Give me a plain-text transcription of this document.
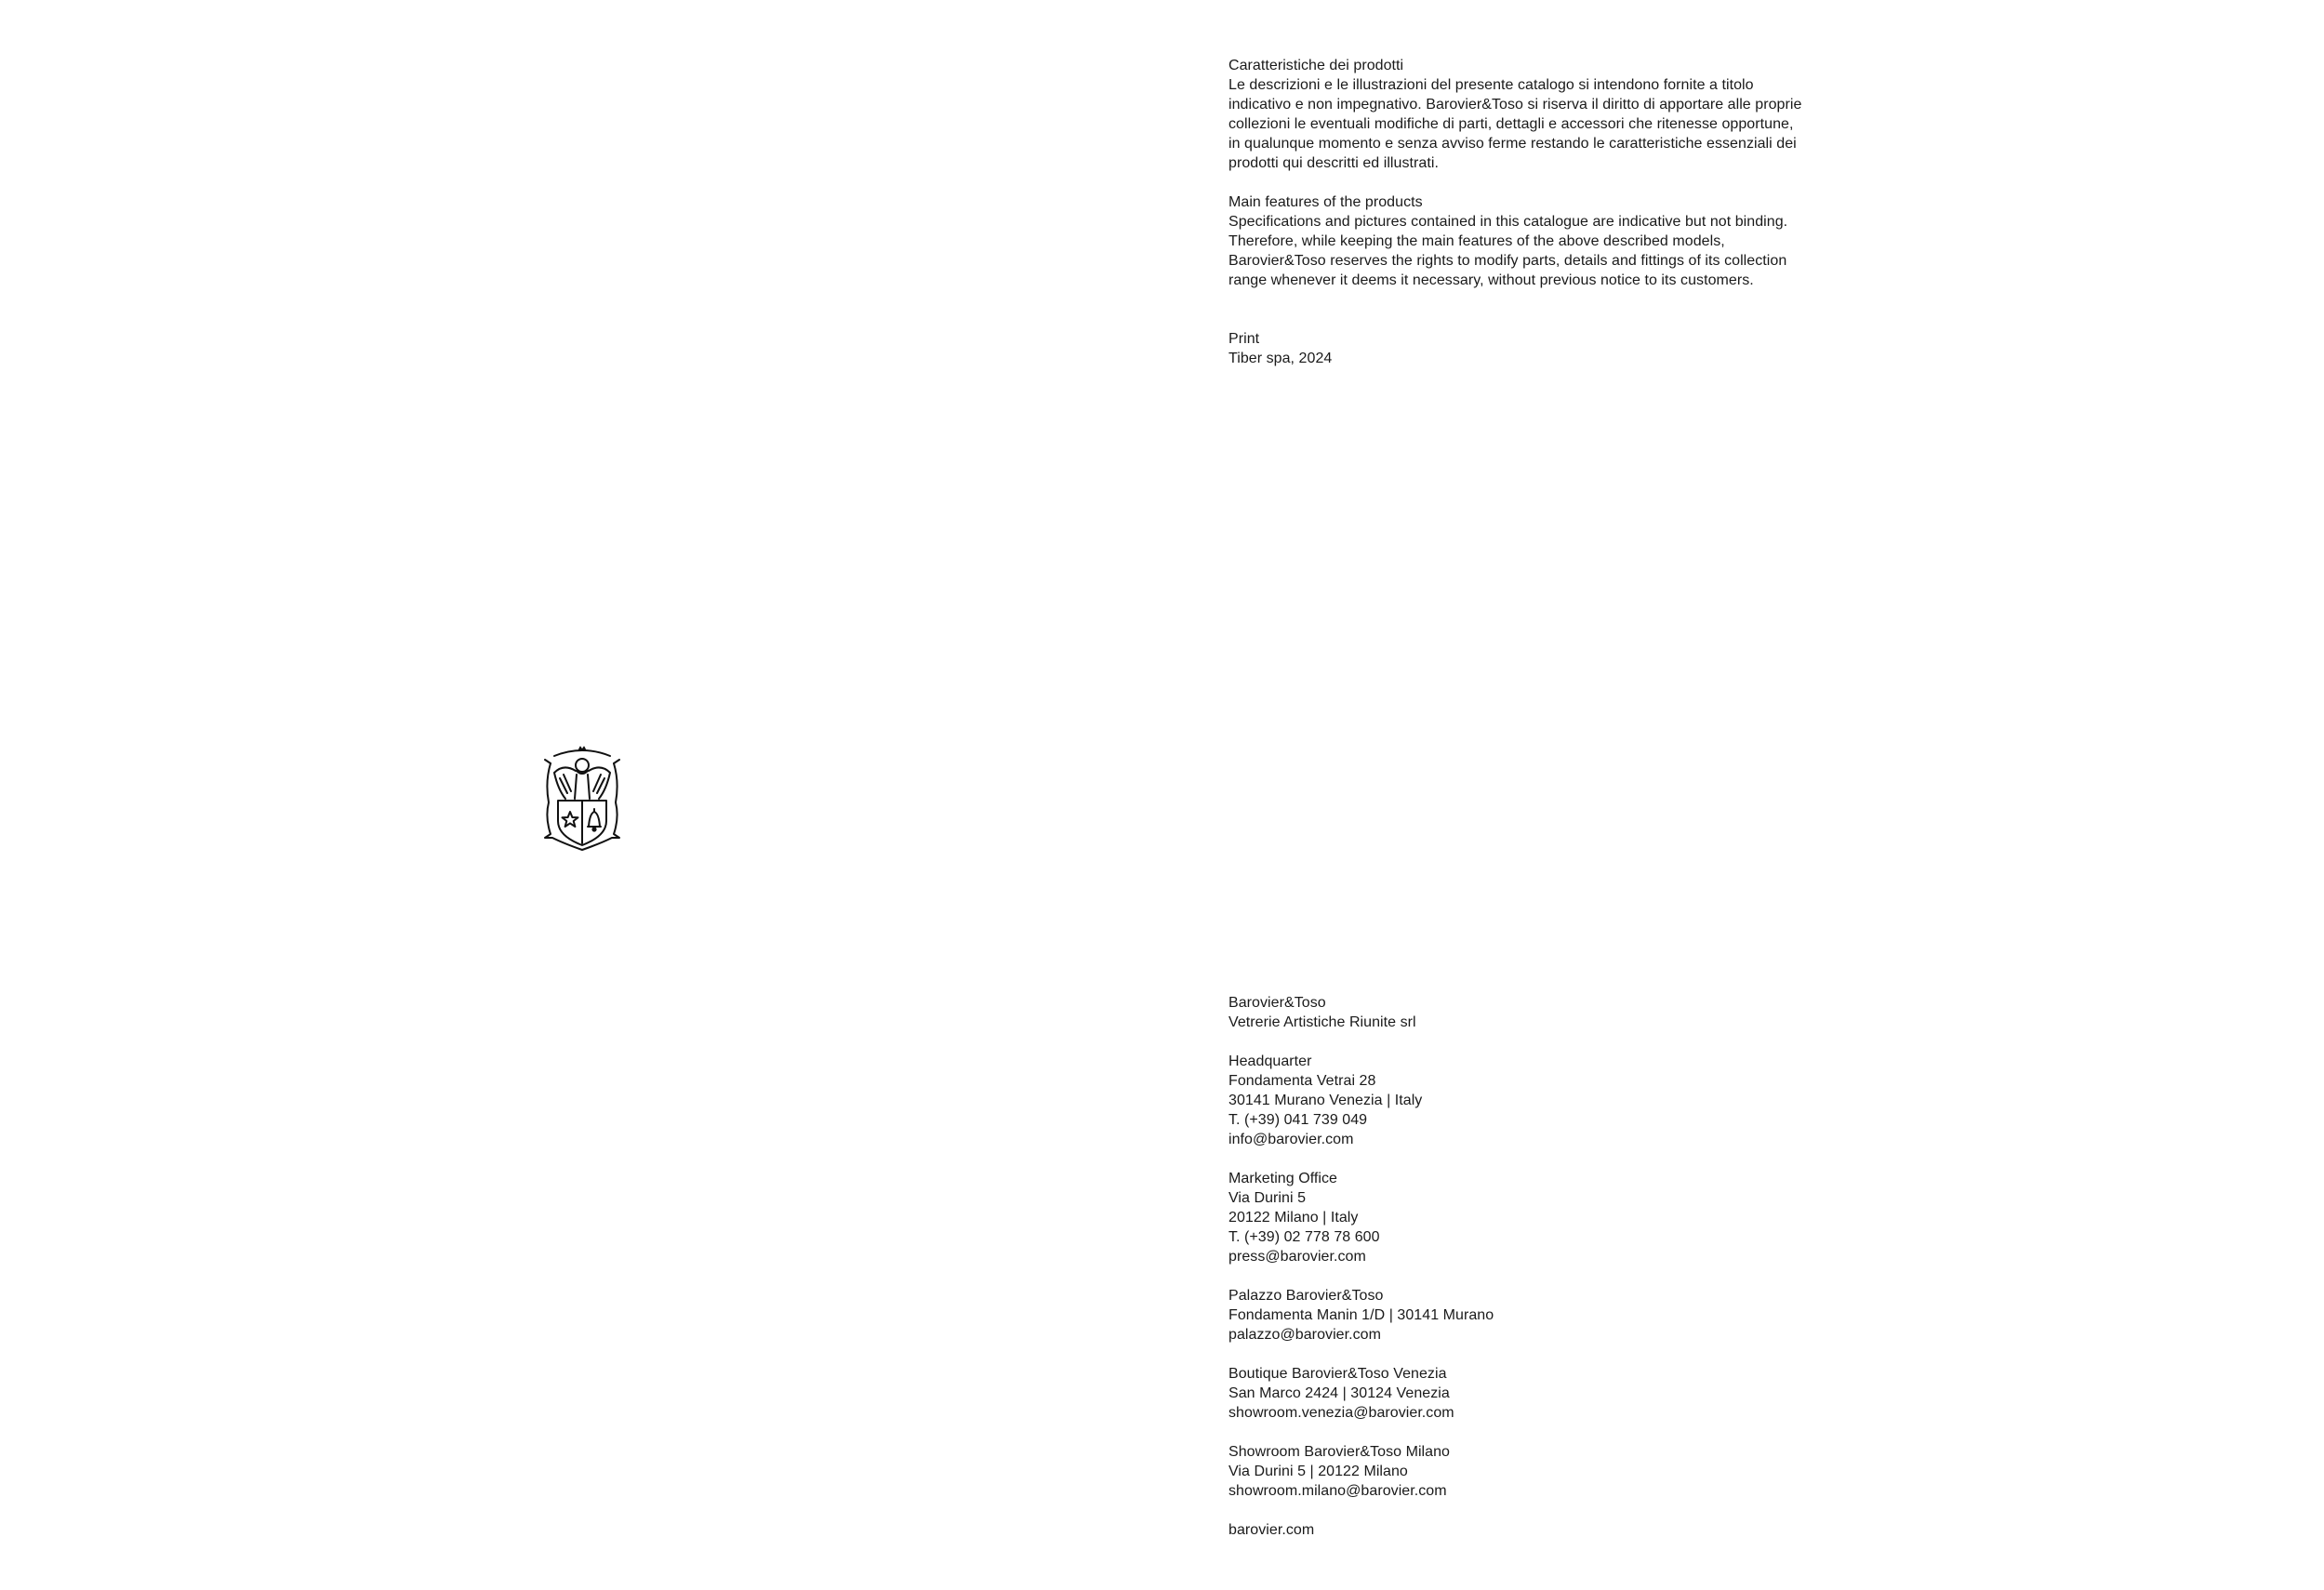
Caratteristiche dei prodotti

Le descrizioni e le illustrazioni del presente catalogo si intendono fornite a titolo indicativo e non impegnativo. Barovier&Toso si riserva il diritto di apportare alle proprie collezioni le eventuali modifiche di parti, dettagli e accessori che ritenesse opportune, in qualunque momento e senza avviso ferme restando le caratteristiche essenziali dei prodotti qui descritti ed illustrati.

Main features of the products

Specifications and pictures contained in this catalogue are indicative but not binding. Therefore, while keeping the main features of the above described models, Barovier&Toso reserves the rights to modify parts, details and fittings of its collection range whenever it deems it necessary, without previous notice to its customers.

Print

Tiber spa, 2024

Barovier&Toso
Vetrerie Artistiche Riunite srl
Headquarter
Fondamenta Vetrai 28
30141 Murano Venezia | Italy
T. (+39) 041 739 049
info@barovier.com
Marketing Office
Via Durini 5
20122 Milano | Italy
T. (+39) 02 778 78 600
press@barovier.com
Palazzo Barovier&Toso
Fondamenta Manin 1/D | 30141 Murano
palazzo@barovier.com
Boutique Barovier&Toso Venezia
San Marco 2424 | 30124 Venezia
showroom.venezia@barovier.com
Showroom Barovier&Toso Milano
Via Durini 5 | 20122 Milano
showroom.milano@barovier.com
barovier.com
